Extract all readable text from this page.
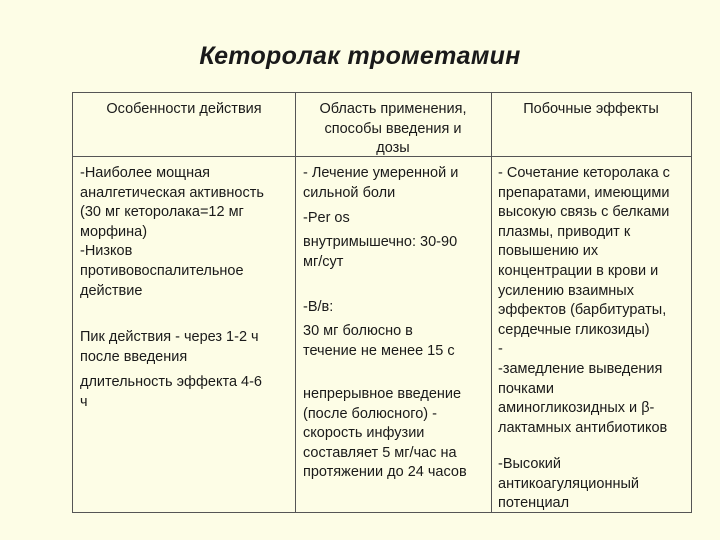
Кеторолак трометамин
Особенности действия	Область применения,
способы введения и
дозы
Побочные эффекты
-Наиболее мощная
аналгетическая активность
(30 мг кеторолака=12 мг
морфина)
-Низков
противовоспалительное
действие
Пик действия - через 1-2 ч
после введения
длительность эффекта 4-6
ч
- Лечение умеренной и
сильной боли
-Per os
внутримышечно: 30-90
мг/сут
-В/в:
30 мг болюсно в
течение не менее 15 с
непрерывное введение
(после болюсного) -
скорость инфузии
составляет 5 мг/час на
протяжении до 24 часов
- Сочетание кеторолака с
препаратами, имеющими
высокую связь с белками
плазмы, приводит к
повышению их
концентрации в крови и
усилению взаимных
эффектов (барбитураты,
сердечные гликозиды)
-
-замедление выведения
почками
аминогликозидных и β-
лактамных антибиотиков
-Высокий
антикоагуляционный
потенциал
